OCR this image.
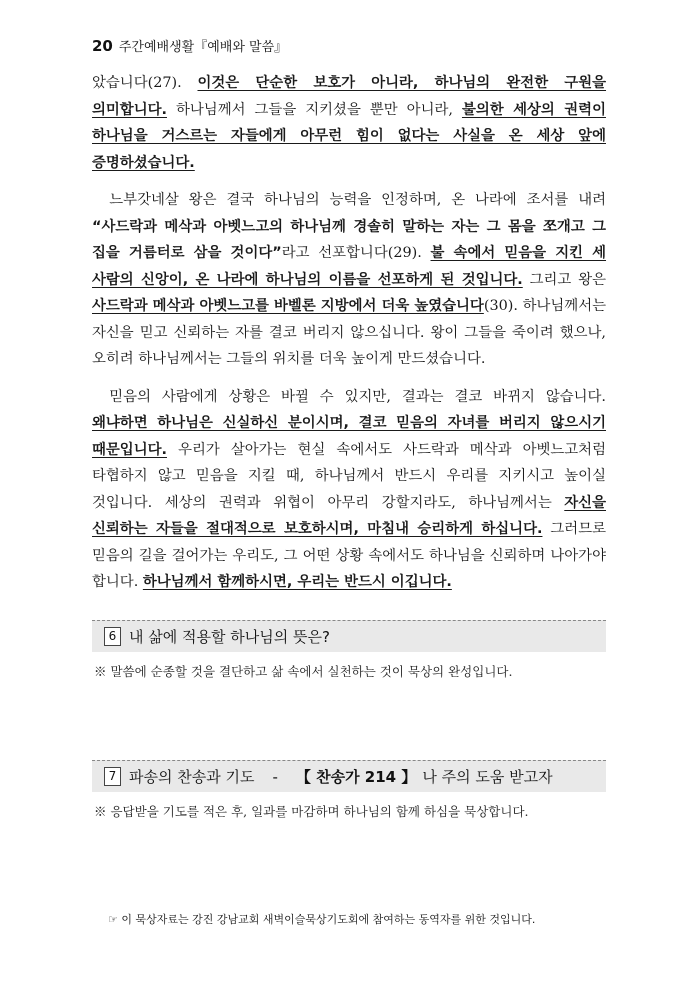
20 주간예배생활『예배와 말씀』

았습니다(27). 이것은 단순한 보호가 아니라, 하나님의 완전한 구원을 의미합니다. 하나님께서 그들을 지키셨을 뿐만 아니라, 불의한 세상의 권력이 하나님을 거스르는 자들에게 아무런 힘이 없다는 사실을 온 세상 앞에 증명하셨습니다.

느부갓네살 왕은 결국 하나님의 능력을 인정하며, 온 나라에 조서를 내려 “사드락과 메삭과 아벳느고의 하나님께 경솔히 말하는 자는 그 몸을 쪼개고 그 집을 거름터로 삼을 것이다”라고 선포합니다(29). 불 속에서 믿음을 지킨 세 사람의 신앙이, 온 나라에 하나님의 이름을 선포하게 된 것입니다. 그리고 왕은 사드락과 메삭과 아벳느고를 바벨론 지방에서 더욱 높였습니다(30). 하나님께서는 자신을 믿고 신뢰하는 자를 결코 버리지 않으십니다. 왕이 그들을 죽이려 했으나, 오히려 하나님께서는 그들의 위치를 더욱 높이게 만드셨습니다.

믿음의 사람에게 상황은 바뀔 수 있지만, 결과는 결코 바뀌지 않습니다. 왜냐하면 하나님은 신실하신 분이시며, 결코 믿음의 자녀를 버리지 않으시기 때문입니다. 우리가 살아가는 현실 속에서도 사드락과 메삭과 아벳느고처럼 타협하지 않고 믿음을 지킬 때, 하나님께서 반드시 우리를 지키시고 높이실 것입니다. 세상의 권력과 위협이 아무리 강할지라도, 하나님께서는 자신을 신뢰하는 자들을 절대적으로 보호하시며, 마침내 승리하게 하십니다. 그러므로 믿음의 길을 걸어가는 우리도, 그 어떤 상황 속에서도 하나님을 신뢰하며 나아가야 합니다. 하나님께서 함께하시면, 우리는 반드시 이깁니다.

6 내 삶에 적용할 하나님의 뜻은?
※ 말씀에 순종할 것을 결단하고 삶 속에서 실천하는 것이 묵상의 완성입니다.
7 파송의 찬송과 기도 - 【 찬송가 214 】 나 주의 도움 받고자
※ 응답받을 기도를 적은 후, 일과를 마감하며 하나님의 함께 하심을 묵상합니다.
☞ 이 묵상자료는 강진 강남교회 새벽이슬묵상기도회에 참여하는 동역자를 위한 것입니다.
